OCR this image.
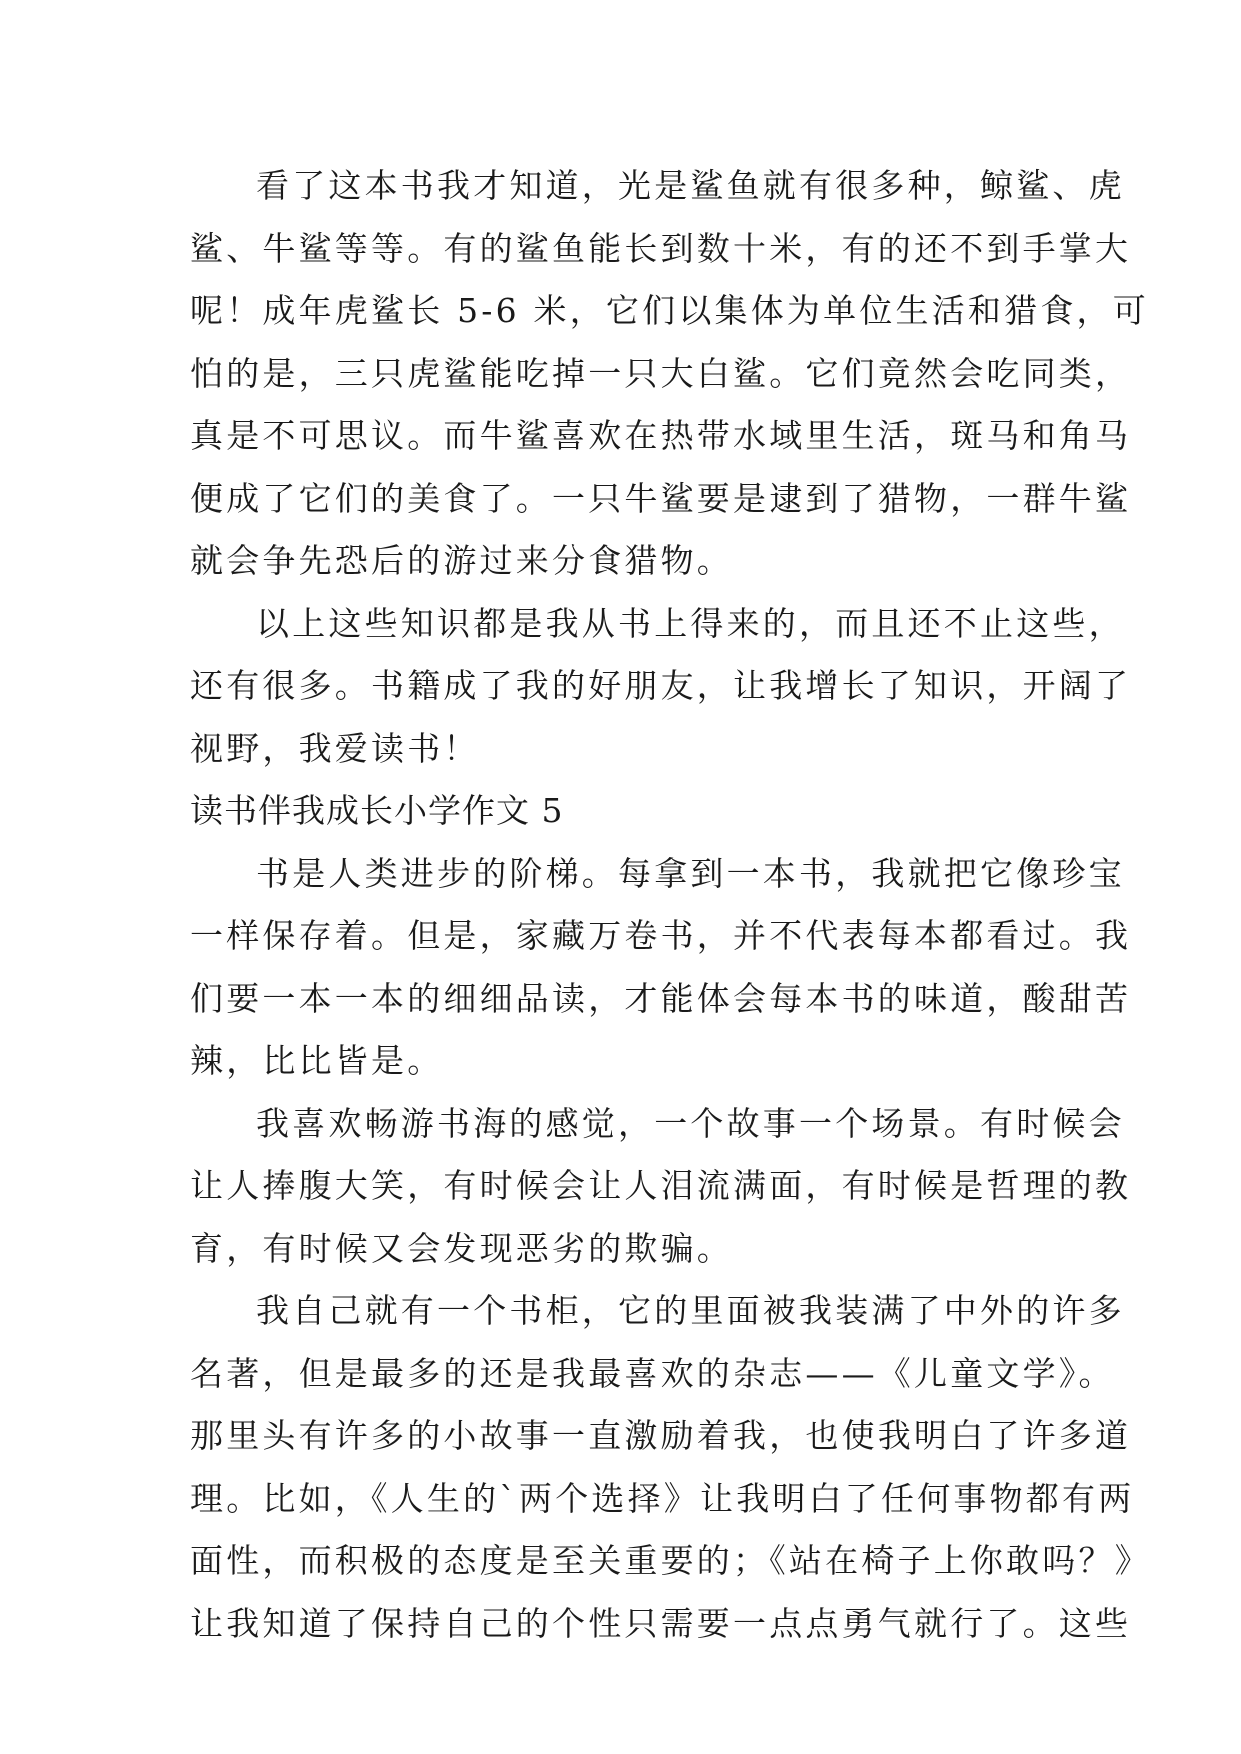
看了这本书我才知道，光是鲨鱼就有很多种，鲸鲨、虎
鲨、牛鲨等等。有的鲨鱼能长到数十米，有的还不到手掌大
呢！成年虎鲨长 5-6 米，它们以集体为单位生活和猎食，可
怕的是，三只虎鲨能吃掉一只大白鲨。它们竟然会吃同类，
真是不可思议。而牛鲨喜欢在热带水域里生活，斑马和角马
便成了它们的美食了。一只牛鲨要是逮到了猎物，一群牛鲨
就会争先恐后的游过来分食猎物。
以上这些知识都是我从书上得来的，而且还不止这些，
还有很多。书籍成了我的好朋友，让我增长了知识，开阔了
视野，我爱读书！
读书伴我成长小学作文 5
书是人类进步的阶梯。每拿到一本书，我就把它像珍宝
一样保存着。但是，家藏万卷书，并不代表每本都看过。我
们要一本一本的细细品读，才能体会每本书的味道，酸甜苦
辣，比比皆是。
我喜欢畅游书海的感觉，一个故事一个场景。有时候会
让人捧腹大笑，有时候会让人泪流满面，有时候是哲理的教
育，有时候又会发现恶劣的欺骗。
我自己就有一个书柜，它的里面被我装满了中外的许多
名著，但是最多的还是我最喜欢的杂志——《儿童文学》。
那里头有许多的小故事一直激励着我，也使我明白了许多道
理。比如，《人生的`两个选择》让我明白了任何事物都有两
面性，而积极的态度是至关重要的；《站在椅子上你敢吗？》
让我知道了保持自己的个性只需要一点点勇气就行了。这些
